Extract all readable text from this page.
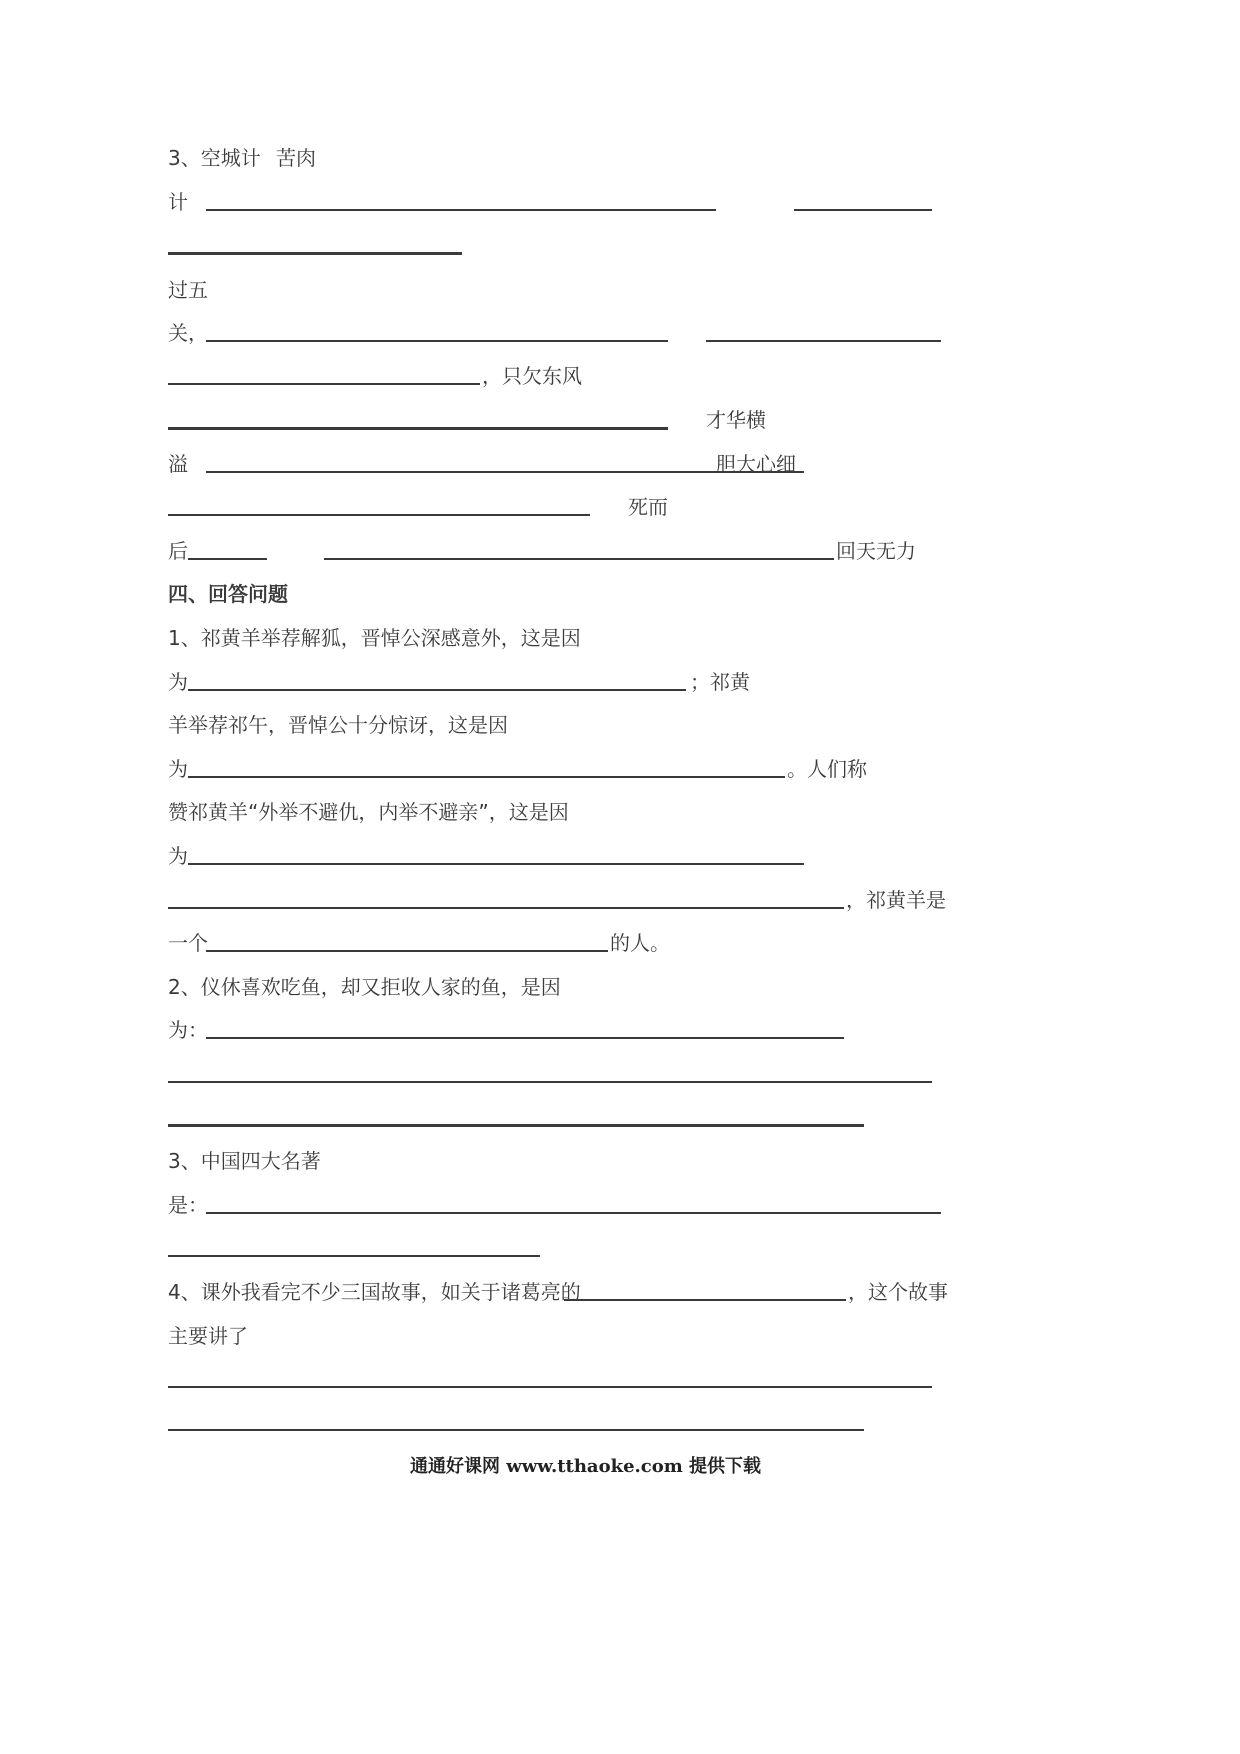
3、空城计 苦肉
计
过五
关，
，只欠东风
才华横
溢	胆大心细
死而
后	回天无力
四、回答问题
1、祁黄羊举荐解狐，晋悼公深感意外，这是因
为	；祁黄
羊举荐祁午，晋悼公十分惊讶，这是因
为	。人们称
赞祁黄羊“外举不避仇，内举不避亲”，这是因
为
，祁黄羊是
一个	的人。
2、仪休喜欢吃鱼，却又拒收人家的鱼，是因
为：
3、中国四大名著
是：
4、课外我看完不少三国故事，如关于诸葛亮的	，这个故事
主要讲了
通通好课网 www.tthaoke.com 提供下载
